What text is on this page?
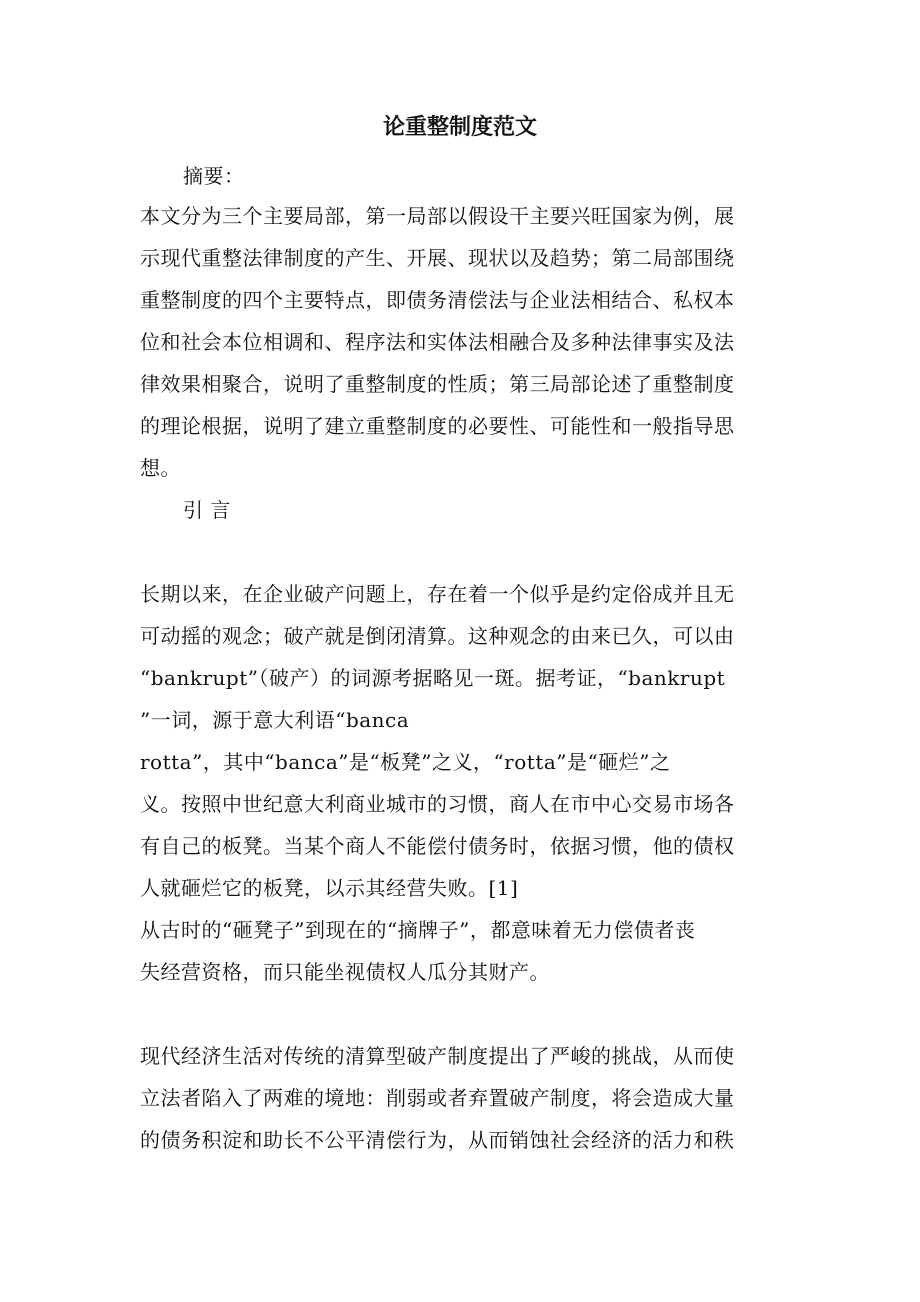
论重整制度范文
摘要：
本文分为三个主要局部，第一局部以假设干主要兴旺国家为例，展
示现代重整法律制度的产生、开展、现状以及趋势；第二局部围绕
重整制度的四个主要特点，即债务清偿法与企业法相结合、私权本
位和社会本位相调和、程序法和实体法相融合及多种法律事实及法
律效果相聚合，说明了重整制度的性质；第三局部论述了重整制度
的理论根据，说明了建立重整制度的必要性、可能性和一般指导思
想。
引 言
长期以来，在企业破产问题上，存在着一个似乎是约定俗成并且无
可动摇的观念；破产就是倒闭清算。这种观念的由来已久，可以由
“bankrupt”（破产）的词源考据略见一斑。据考证，“bankrupt
”一词，源于意大利语“banca
rotta”，其中“banca”是“板凳”之义，“rotta”是“砸烂”之
义。按照中世纪意大利商业城市的习惯，商人在市中心交易市场各
有自己的板凳。当某个商人不能偿付债务时，依据习惯，他的债权
人就砸烂它的板凳，以示其经营失败。[1]
从古时的“砸凳子”到现在的“摘牌子”，都意味着无力偿债者丧
失经营资格，而只能坐视债权人瓜分其财产。
现代经济生活对传统的清算型破产制度提出了严峻的挑战，从而使
立法者陷入了两难的境地：削弱或者弃置破产制度，将会造成大量
的债务积淀和助长不公平清偿行为，从而销蚀社会经济的活力和秩
